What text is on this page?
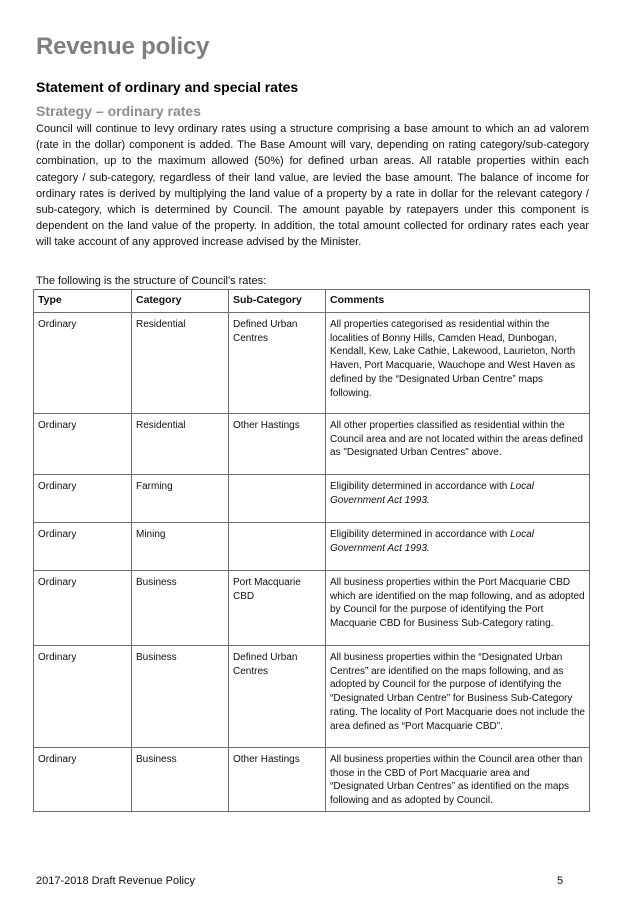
Revenue policy
Statement of ordinary and special rates
Strategy – ordinary rates

Council will continue to levy ordinary rates using a structure comprising a base amount to which an ad valorem (rate in the dollar) component is added. The Base Amount will vary, depending on rating category/sub-category combination, up to the maximum allowed (50%) for defined urban areas. All ratable properties within each category / sub-category, regardless of their land value, are levied the base amount. The balance of income for ordinary rates is derived by multiplying the land value of a property by a rate in dollar for the relevant category / sub-category, which is determined by Council. The amount payable by ratepayers under this component is dependent on the land value of the property. In addition, the total amount collected for ordinary rates each year will take account of any approved increase advised by the Minister.

The following is the structure of Council's rates:

Type	Category	Sub-Category	Comments
Ordinary	Residential	Defined Urban Centres	All properties categorised as residential within the localities of Bonny Hills, Camden Head, Dunbogan, Kendall, Kew, Lake Cathie, Lakewood, Laurieton, North Haven, Port Macquarie, Wauchope and West Haven as defined by the “Designated Urban Centre” maps following.
Ordinary	Residential	Other Hastings	All other properties classified as residential within the Council area and are not located within the areas defined as "Designated Urban Centres" above.
Ordinary	Farming		Eligibility determined in accordance with Local Government Act 1993.
Ordinary	Mining		Eligibility determined in accordance with Local Government Act 1993.
Ordinary	Business	Port Macquarie CBD	All business properties within the Port Macquarie CBD which are identified on the map following, and as adopted by Council for the purpose of identifying the Port Macquarie CBD for Business Sub-Category rating.
Ordinary	Business	Defined Urban Centres	All business properties within the “Designated Urban Centres” are identified on the maps following, and as adopted by Council for the purpose of identifying the “Designated Urban Centre” for Business Sub-Category rating. The locality of Port Macquarie does not include the area defined as “Port Macquarie CBD”.
Ordinary	Business	Other Hastings	All business properties within the Council area other than those in the CBD of Port Macquarie area and “Designated Urban Centres” as identified on the maps following and as adopted by Council.

2017-2018 Draft Revenue Policy	5
